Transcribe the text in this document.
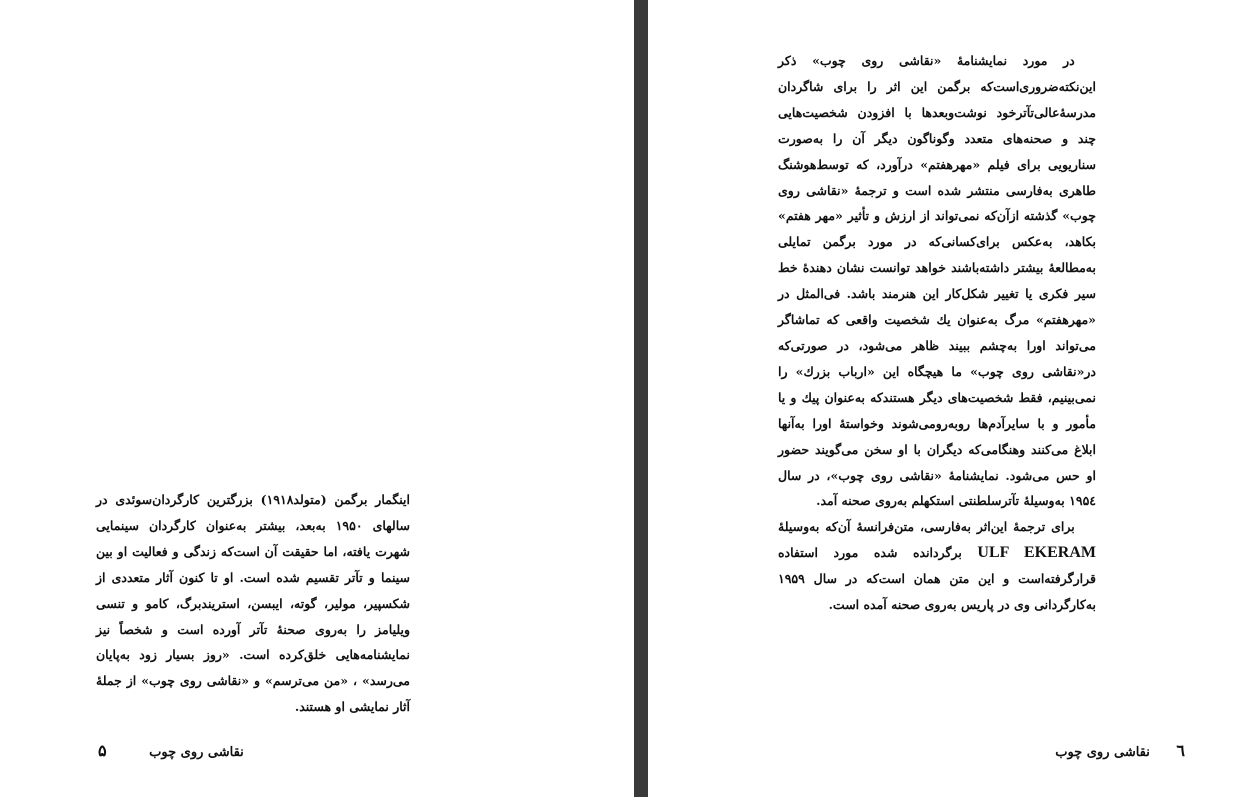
اینگمار برگمن (متولد۱۹۱۸) بزرگترین کارگردان‌سوئدی در سالهای ۱۹۵۰ به‌بعد، بیشتر به‌عنوان کارگردان سینمایی شهرت یافته، اما حقیقت آن است‌که زندگی و فعالیت او بین سینما و تآتر تقسیم شده است. او تا کنون آثار متعددی از شکسپیر، مولیر، گوته، ایبسن، استریندبرگ، کامو و تنسی ویلیامز را به‌روی صحنهٔ تآتر آورده است و شخصاً نیز نمایشنامه‌هایی خلق‌کرده است. «روز بسیار زود به‌پایان می‌رسد» ، «من می‌ترسم» و «نقاشی روی چوب» از جملهٔ آثار نمایشی او هستند.

نقاشی روی چوب ۵

در مورد نمایشنامهٔ «نقاشی روی چوب» ذکر این‌نکته‌ضروری‌است‌که برگمن این اثر را برای شاگردان مدرسهٔ‌عالی‌تآترخود نوشت‌وبعدها با افزودن شخصیت‌هایی چند و صحنه‌های متعدد وگوناگون دیگر آن را به‌صورت سناریویی برای فیلم «مهرهفتم» درآورد، که توسط‌هوشنگ طاهری به‌فارسی منتشر شده است و ترجمهٔ «نقاشی روی چوب» گذشته ازآن‌که نمی‌تواند از ارزش و تأثیر «مهر هفتم» بکاهد، به‌عکس برای‌کسانی‌که در مورد برگمن تمایلی به‌مطالعهٔ بیشتر داشته‌باشند خواهد توانست نشان دهندهٔ خط سیر فکری یا تغییر شکل‌کار این هنرمند باشد. فی‌المثل در «مهرهفتم» مرگ به‌عنوان یك شخصیت واقعی که تماشاگر می‌تواند اورا به‌چشم ببیند ظاهر می‌شود، در صورتی‌که در«نقاشی روی چوب» ما هیچگاه این «ارباب بزرك» را نمی‌بینیم، فقط شخصیت‌های دیگر هستندکه به‌عنوان پیك و یا مأمور و با سایرآدم‌ها روبه‌رومی‌شوند وخواستهٔ اورا به‌آنها ابلاغ می‌کنند وهنگامی‌که دیگران با او سخن می‌گویند حضور او حس می‌شود. نمایشنامهٔ «نقاشی روی چوب»، در سال ۱۹۵٤ به‌وسیلهٔ تآترسلطنتی استکهلم به‌روی صحنه آمد.

برای ترجمهٔ این‌اثر به‌فارسی، متن‌فرانسهٔ آن‌که به‌وسیلهٔ ULF EKERAM برگردانده شده مورد استفاده قرارگرفته‌است و این متن همان است‌که در سال ۱۹۵۹ به‌کارگردانی وی در پاریس به‌روی صحنه آمده است.

٦ نقاشی روی چوب
